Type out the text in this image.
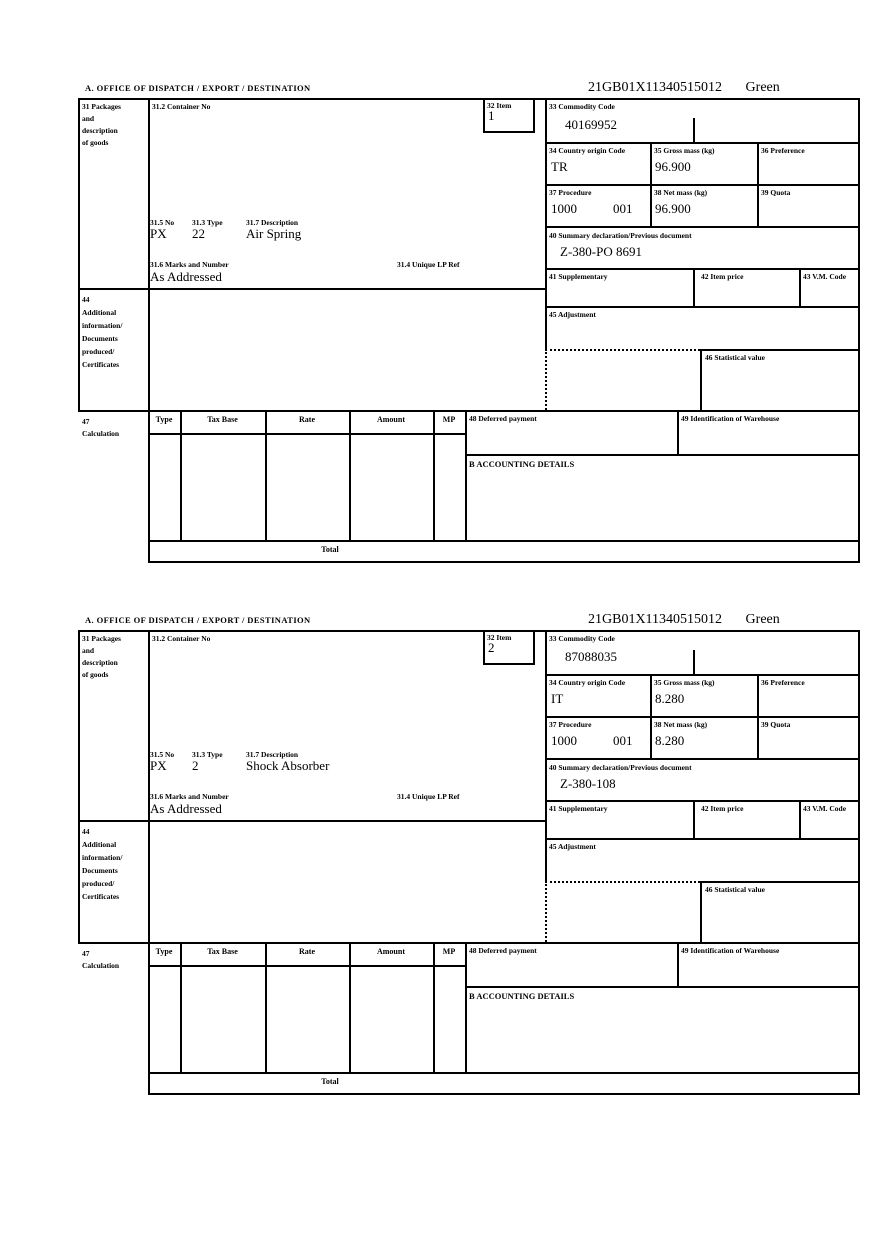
A. OFFICE OF DISPATCH / EXPORT / DESTINATION	21GB01X11340515012 Green
31 Packages
and
description
of goods
44
Additional
information/
Documents
produced/
Certificates
47
Calculation
31.2 Container No	32 Item
1
31.5 No 31.3 Type	31.7 Description
PX 22	Air Spring
31.6 Marks and Number	31.4 Unique LP Ref
As Addressed
33 Commodity Code
40169952
34 Country origin Code
TR
35 Gross mass (kg)
96.900
36 Preference
37 Procedure
1000	001
38 Net mass (kg)
96.900
39 Quota
40 Summary declaration/Previous document
Z-380-PO 8691
41 Supplementary	42 Item price	43 V.M. Code
45 Adjustment
46 Statistical value
Type	Tax Base	Rate	Amount	MP
Total
48 Deferred payment	49 Identification of Warehouse
B ACCOUNTING DETAILS
A. OFFICE OF DISPATCH / EXPORT / DESTINATION	21GB01X11340515012 Green
31 Packages
and
description
of goods
44
Additional
information/
Documents
produced/
Certificates
47
Calculation
31.2 Container No	32 Item
2
31.5 No 31.3 Type	31.7 Description
PX 2	Shock Absorber
31.6 Marks and Number	31.4 Unique LP Ref
As Addressed
33 Commodity Code
87088035
34 Country origin Code
IT
35 Gross mass (kg)
8.280
36 Preference
37 Procedure
1000	001
38 Net mass (kg)
8.280
39 Quota
40 Summary declaration/Previous document
Z-380-108
41 Supplementary	42 Item price	43 V.M. Code
45 Adjustment
46 Statistical value
Type	Tax Base	Rate	Amount	MP
Total
48 Deferred payment	49 Identification of Warehouse
B ACCOUNTING DETAILS
